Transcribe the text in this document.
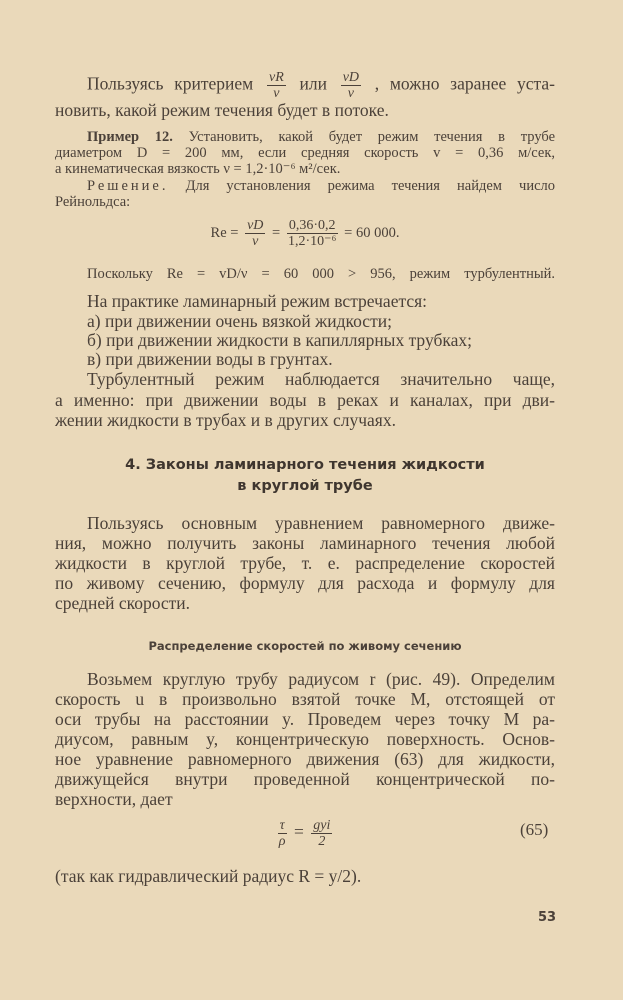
Пользуясь критерием $\frac{vR}{\nu}$ или $\frac{vD}{\nu}$ , можно заранее уста-
новить, какой режим течения будет в потоке.
Пример 12. Установить, какой будет режим течения в трубе
диаметром D = 200 мм, если средняя скорость v = 0,36 м/сек,
а кинематическая вязкость ν = 1,2·10⁻⁶ м²/сек.
Решение. Для установления режима течения найдем число
Рейнольдса:
$Re = \frac{vD}{\nu} = \frac{0,36\cdot 0,2}{\text{1,2·10⁻⁶}} = 60$ 000.
Поскольку Re = vD/ν = 60 000 > 956, режим турбулентный.
На практике ламинарный режим встречается:
а) при движении очень вязкой жидкости;
б) при движении жидкости в капиллярных трубках;
в) при движении воды в грунтах.
Турбулентный режим наблюдается значительно чаще,
а именно: при движении воды в реках и каналах, при дви-
жении жидкости в трубах и в других случаях.
4. Законы ламинарного течения жидкости
в круглой трубе
Пользуясь основным уравнением равномерного движе-
ния, можно получить законы ламинарного течения любой
жидкости в круглой трубе, т. е. распределение скоростей
по живому сечению, формулу для расхода и формулу для
средней скорости.
Распределение скоростей по живому сечению
Возьмем круглую трубу радиусом r (рис. 49). Определим
скорость u в произвольно взятой точке M, отстоящей от
оси трубы на расстоянии y. Проведем через точку M ра-
диусом, равным y, концентрическую поверхность. Основ-
ное уравнение равномерного движения (63) для жидкости,
движущейся внутри проведенной концентрической по-
верхности, дает
$\frac{\tau}{\rho} = \frac{\text{gyi}}{2}$	(65)
(так как гидравлический радиус R = y/2).
53
